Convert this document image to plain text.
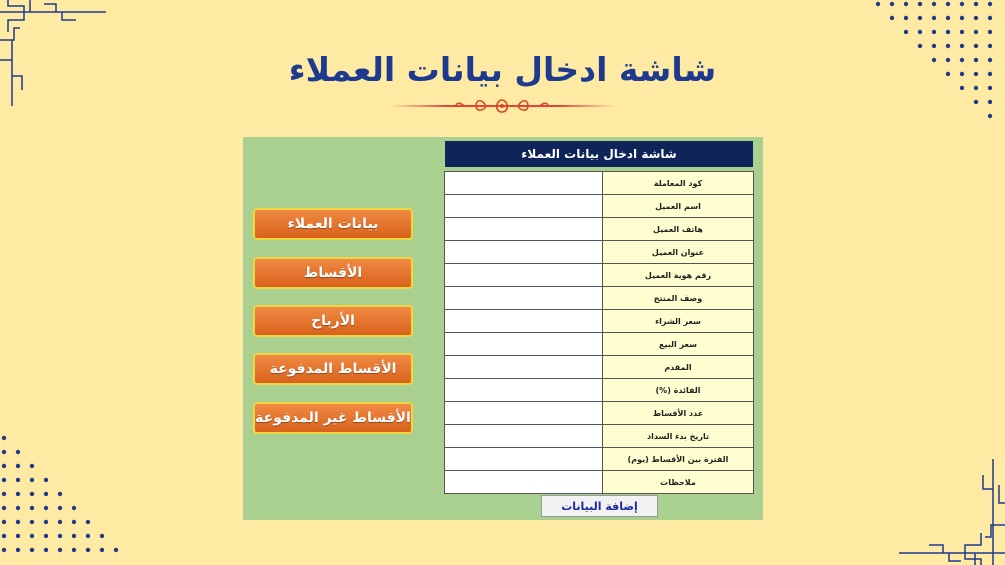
شاشة ادخال بيانات العملاء
بيانات العملاء
الأقساط
الأرباح
الأقساط المدفوعة
الأقساط غير المدفوعة
شاشة ادخال بيانات العملاء
	كود المعاملة
	اسم العميل
	هاتف العميل
	عنوان العميل
	رقم هوية العميل
	وصف المنتج
	سعر الشراء
	سعر البيع
	المقدم
	الفائدة (%)
	عدد الأقساط
	تاريخ بدء السداد
	الفترة بين الأقساط (يوم)
	ملاحظات
إضافة البيانات
